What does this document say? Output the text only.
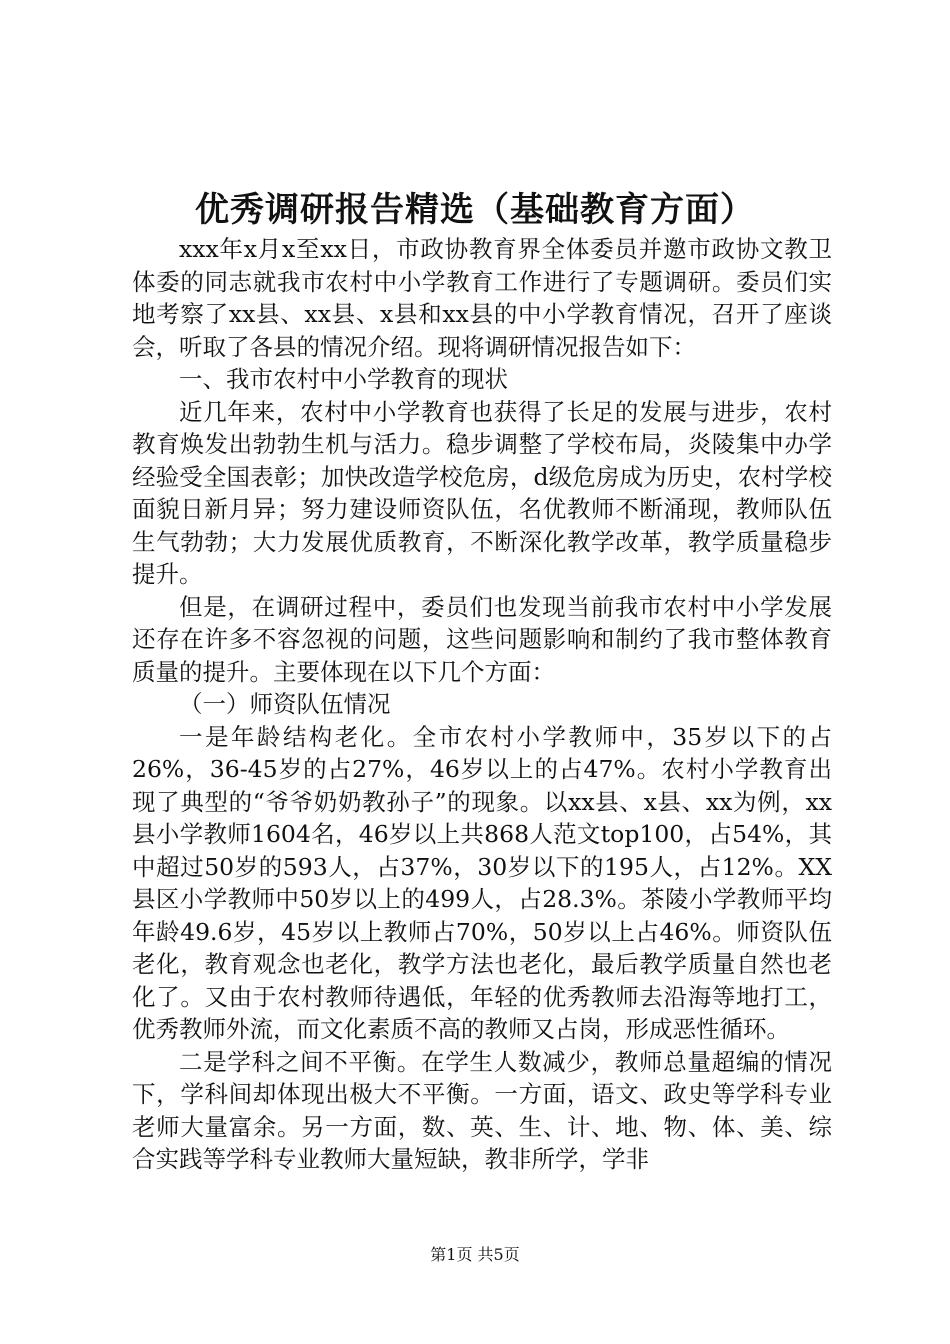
优秀调研报告精选（基础教育方面）

xxx年x月x至xx日，市政协教育界全体委员并邀市政协文教卫体委的同志就我市农村中小学教育工作进行了专题调研。委员们实地考察了xx县、xx县、x县和xx县的中小学教育情况，召开了座谈会，听取了各县的情况介绍。现将调研情况报告如下：

一、我市农村中小学教育的现状

近几年来，农村中小学教育也获得了长足的发展与进步，农村教育焕发出勃勃生机与活力。稳步调整了学校布局，炎陵集中办学经验受全国表彰；加快改造学校危房，d级危房成为历史，农村学校面貌日新月异；努力建设师资队伍，名优教师不断涌现，教师队伍生气勃勃；大力发展优质教育，不断深化教学改革，教学质量稳步提升。

但是，在调研过程中，委员们也发现当前我市农村中小学发展还存在许多不容忽视的问题，这些问题影响和制约了我市整体教育质量的提升。主要体现在以下几个方面：

（一）师资队伍情况

一是年龄结构老化。全市农村小学教师中，35岁以下的占26%，36-45岁的占27%，46岁以上的占47%。农村小学教育出现了典型的“爷爷奶奶教孙子”的现象。以xx县、x县、xx为例，xx县小学教师1604名，46岁以上共868人范文top100，占54%，其中超过50岁的593人，占37%，30岁以下的195人，占12%。XX县区小学教师中50岁以上的499人，占28.3%。茶陵小学教师平均年龄49.6岁，45岁以上教师占70%，50岁以上占46%。师资队伍老化，教育观念也老化，教学方法也老化，最后教学质量自然也老化了。又由于农村教师待遇低，年轻的优秀教师去沿海等地打工，优秀教师外流，而文化素质不高的教师又占岗，形成恶性循环。

二是学科之间不平衡。在学生人数减少，教师总量超编的情况下，学科间却体现出极大不平衡。一方面，语文、政史等学科专业老师大量富余。另一方面，数、英、生、计、地、物、体、美、综合实践等学科专业教师大量短缺，教非所学，学非

第1页 共5页
